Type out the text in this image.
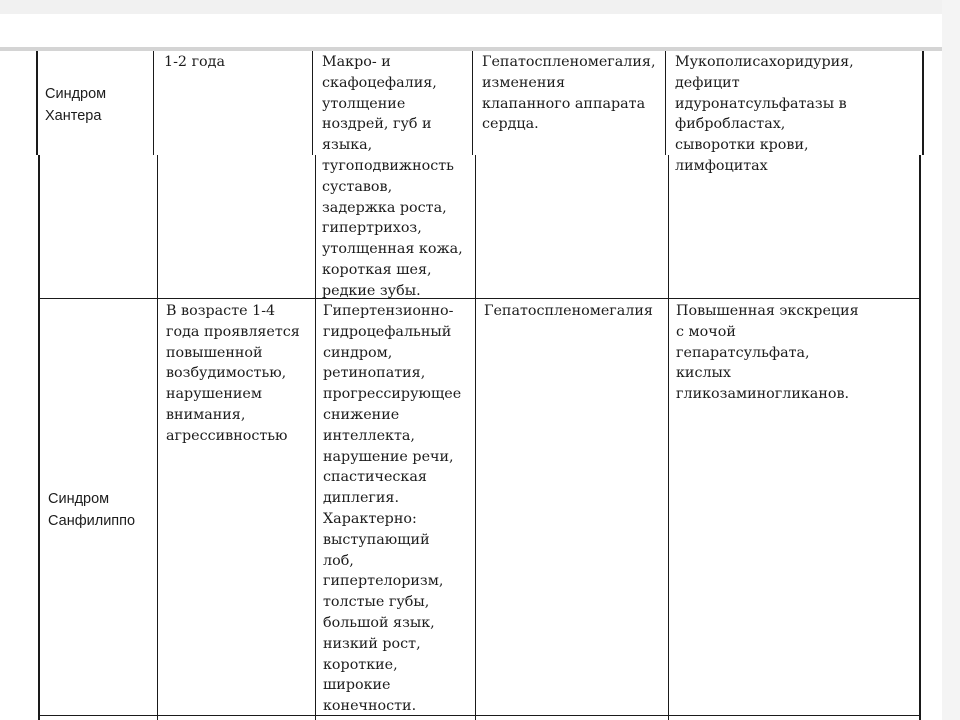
Синдром
Хантера
1-2 года	Макро- и
скафоцефалия,
утолщение
ноздрей, губ и
языка,
тугоподвижность
суставов,
задержка роста,
гипертрихоз,
утолщенная кожа,
короткая шея,
редкие зубы.
Гепатоспленомегалия,
изменения
клапанного аппарата
сердца.
Мукополисахоридурия,
дефицит
идуронатсульфатазы в
фибробластах,
сыворотки крови,
лимфоцитах
Синдром
Санфилиппо
В возрасте 1-4
года проявляется
повышенной
возбудимостью,
нарушением
внимания,
агрессивностью
Гипертензионно-
гидроцефальный
синдром,
ретинопатия,
прогрессирующее
снижение
интеллекта,
нарушение речи,
спастическая
диплегия.
Характерно:
выступающий
лоб,
гипертелоризм,
толстые губы,
большой язык,
низкий рост,
короткие,
широкие
конечности.
Гепатоспленомегалия Повышенная экскреция
с мочой
гепаратсульфата,
кислых
гликозаминогликанов.
